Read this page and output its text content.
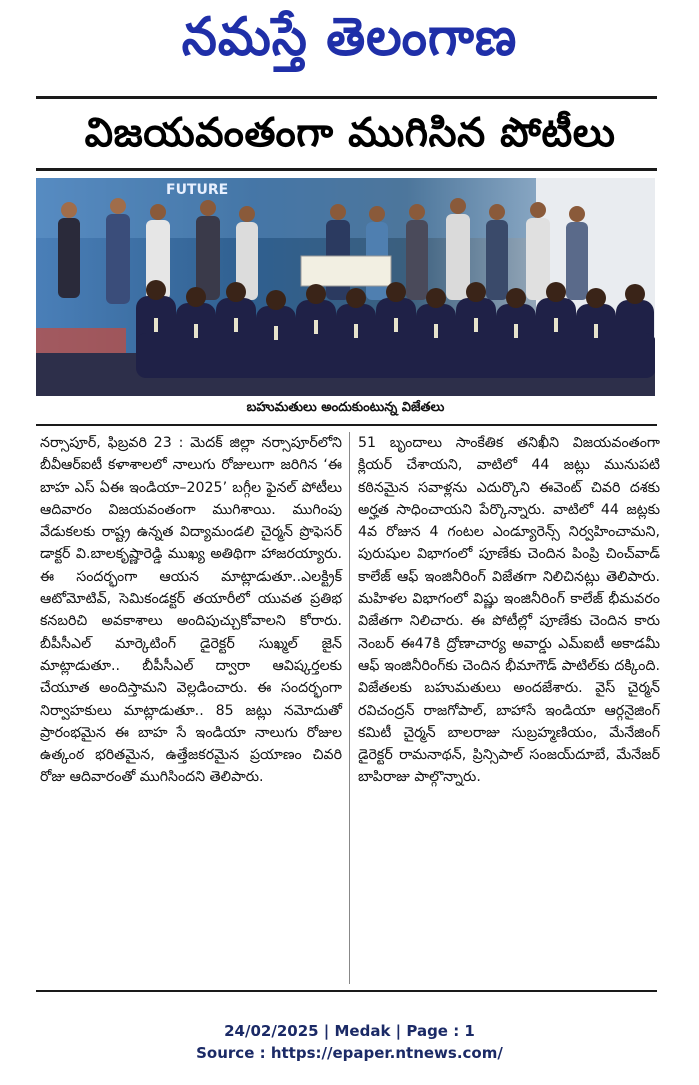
నమస్తే తెలంగాణ
విజయవంతంగా ముగిసిన పోటీలు
FUTURE
బహుమతులు అందుకుంటున్న విజేతలు

నర్సాపూర్, ఫిబ్రవరి 23 : మెదక్ జిల్లా నర్సాపూర్‌లోని బీవీఆర్ఐటీ కళాశాలలో నాలుగు రోజులుగా జరిగిన ‘ఈ బాహ ఎస్ ఏఈ ఇండియా–2025’ బగ్గీల ఫైనల్ పోటీలు ఆదివారం విజయవంతంగా ముగిశాయి. ముగింపు వేడుకలకు రాష్ట్ర ఉన్నత విద్యామండలి చైర్మన్ ప్రొఫెసర్ డాక్టర్ వి.బాలకృష్ణారెడ్డి ముఖ్య అతిథిగా హాజరయ్యారు. ఈ సందర్భంగా ఆయన మాట్లాడుతూ..ఎలక్ట్రిక్ ఆటోమోటివ్, సెమికండక్టర్ తయారీలో యువత ప్రతిభ కనబరిచి అవకాశాలు అందిపుచ్చుకోవాలని కోరారు. బీపీసీఎల్ మార్కెటింగ్ డైరెక్టర్ సుఖ్మల్ జైన్ మాట్లాడుతూ.. బీపీసీఎల్ ద్వారా ఆవిష్కర్తలకు చేయూత అందిస్తామని వెల్లడించారు. ఈ సందర్భంగా నిర్వాహకులు మాట్లాడుతూ.. 85 జట్లు నమోదుతో ప్రారంభమైన ఈ బాహ సే ఇండియా నాలుగు రోజుల ఉత్కంఠ భరితమైన, ఉత్తేజకరమైన ప్రయాణం చివరి రోజు ఆదివారంతో ముగిసిందని తెలిపారు.

51 బృందాలు సాంకేతిక తనిఖీని విజయవంతంగా క్లియర్ చేశాయని, వాటిలో 44 జట్లు మునుపటి కఠినమైన సవాళ్లను ఎదుర్కొని ఈవెంట్ చివరి దశకు అర్హత సాధించాయని పేర్కొన్నారు. వాటిలో 44 జట్లకు 4వ రోజున 4 గంటల ఎండ్యూరెన్స్ నిర్వహించామని, పురుషుల విభాగంలో పూణేకు చెందిన పింప్రి చించ్‌వాడ్ కాలేజ్ ఆఫ్ ఇంజినీరింగ్ విజేతగా నిలిచినట్లు తెలిపారు. మహిళల విభాగంలో విష్ణు ఇంజినీరింగ్ కాలేజ్ భీమవరం విజేతగా నిలిచారు. ఈ పోటీల్లో పూణేకు చెందిన కారు నెంబర్ ఈ47కి ద్రోణాచార్య అవార్డు ఎమ్ఐటీ అకాడమీ ఆఫ్ ఇంజినీరింగ్‌కు చెందిన భీమాగౌడ్ పాటిల్‌కు దక్కింది. విజేతలకు బహుమతులు అందజేశారు. వైస్ చైర్మన్ రవిచంద్రన్ రాజగోపాల్, బాహాసే ఇండియా ఆర్గనైజింగ్ కమిటీ చైర్మన్ బాలరాజు సుబ్రహ్మణియం, మేనేజింగ్ డైరెక్టర్ రామనాథన్, ప్రిన్సిపాల్ సంజయ్‌దూబే, మేనేజర్ బాపిరాజు పాల్గొన్నారు.

24/02/2025 | Medak | Page : 1
Source : https://epaper.ntnews.com/
